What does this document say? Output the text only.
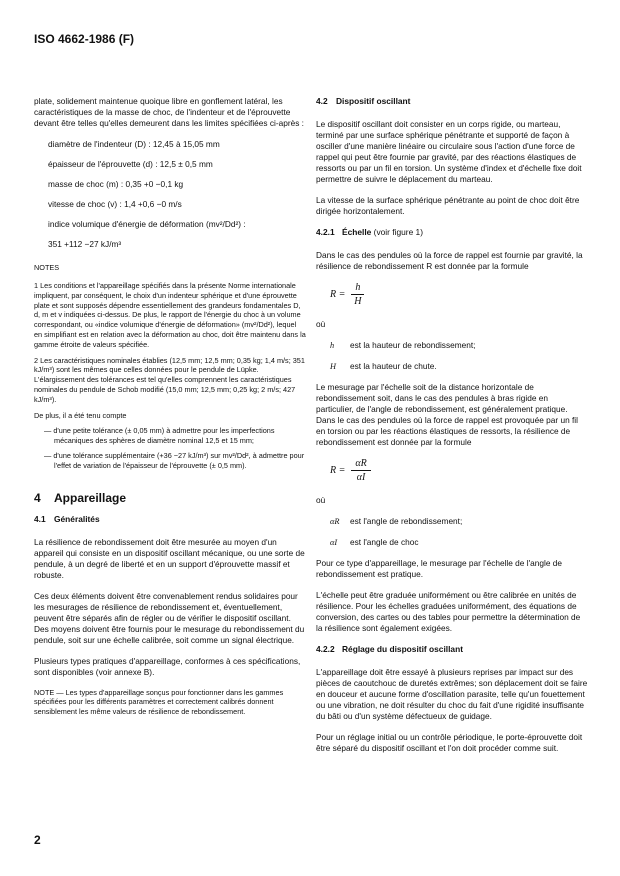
ISO 4662-1986 (F)

plate, solidement maintenue quoique libre en gonflement latéral, les caractéristiques de la masse de choc, de l'indenteur et de l'éprouvette devant être telles qu'elles demeurent dans les limites spécifiées ci-après :

diamètre de l'indenteur (D) : 12,45 à 15,05 mm

épaisseur de l'éprouvette (d) : 12,5 ± 0,5 mm

masse de choc (m) : 0,35 +0 −0,1 kg

vitesse de choc (v) : 1,4 +0,6 −0 m/s

indice volumique d'énergie de déformation (mv²/Dd²) :

351 +112 −27 kJ/m³

NOTES

1 Les conditions et l'appareillage spécifiés dans la présente Norme internationale impliquent, par conséquent, le choix d'un indenteur sphérique et d'une éprouvette plate et sont supposés dépendre essentiellement des grandeurs fondamentales D, d, m et v indiquées ci-dessus. De plus, le rapport de l'énergie du choc à un volume correspondant, ou «indice volumique d'énergie de déformation» (mv²/Dd²), lequel en simplifiant est en relation avec la déformation au choc, doit être maintenu dans la gamme étroite de valeurs spécifiée.

2 Les caractéristiques nominales établies (12,5 mm; 12,5 mm; 0,35 kg; 1,4 m/s; 351 kJ/m³) sont les mêmes que celles données pour le pendule de Lüpke. L'élargissement des tolérances est tel qu'elles comprennent les caractéristiques nominales du pendule de Schob modifié (15,0 mm; 12,5 mm; 0,25 kg; 2 m/s; 427 kJ/m³).

De plus, il a été tenu compte

— d'une petite tolérance (± 0,05 mm) à admettre pour les imperfections mécaniques des sphères de diamètre nominal 12,5 et 15 mm;

— d'une tolérance supplémentaire (+36 −27 kJ/m³) sur mv²/Dd², à admettre pour l'effet de variation de l'épaisseur de l'éprouvette (± 0,5 mm).

4 Appareillage
4.1 Généralités

La résilience de rebondissement doit être mesurée au moyen d'un appareil qui consiste en un dispositif oscillant mécanique, ou une sorte de pendule, à un degré de liberté et en un support d'éprouvette massif et robuste.

Ces deux éléments doivent être convenablement rendus solidaires pour les mesurages de résilience de rebondissement et, éventuellement, peuvent être séparés afin de régler ou de vérifier le dispositif oscillant. Des moyens doivent être fournis pour le mesurage du rebondissement du pendule, soit sur une échelle calibrée, soit comme un signal électrique.

Plusieurs types pratiques d'appareillage, conformes à ces spécifications, sont disponibles (voir annexe B).

NOTE — Les types d'appareillage sonçus pour fonctionner dans les gammes spécifiées pour les différents paramètres et correctement calibrés donnent sensiblement les même valeurs de résilience de rebondissement.
4.2 Dispositif oscillant

Le dispositif oscillant doit consister en un corps rigide, ou marteau, terminé par une surface sphérique pénétrante et supporté de façon à osciller d'une manière linéaire ou circulaire sous l'action d'une force de rappel qui peut être fournie par gravité, par des réactions élastiques de ressorts ou par un fil en torsion. Un système d'index et d'échelle fixe doit permettre de suivre le déplacement du marteau.

La vitesse de la surface sphérique pénétrante au point de choc doit être dirigée horizontalement.

4.2.1 Échelle (voir figure 1)

Dans le cas des pendules où la force de rappel est fournie par gravité, la résilience de rebondissement R est donnée par la formule

$R = \frac{h}{H}$

où

h est la hauteur de rebondissement;

H est la hauteur de chute.

Le mesurage par l'échelle soit de la distance horizontale de rebondissement soit, dans le cas des pendules à bras rigide en particulier, de l'angle de rebondissement, est généralement pratique. Dans le cas des pendules où la force de rappel est provoquée par un fil en torsion ou par les réactions élastiques de ressorts, la résilience de rebondissement est donnée par la formule

$R = \frac{\alpha R}{\alpha I}$

où

αR est l'angle de rebondissement;

αI est l'angle de choc

Pour ce type d'appareillage, le mesurage par l'échelle de l'angle de rebondissement est pratique.

L'échelle peut être graduée uniformément ou être calibrée en unités de résilience. Pour les échelles graduées uniformément, des équations de conversion, des cartes ou des tables pour permettre la détermination de la résilience sont également exigées.

4.2.2 Réglage du dispositif oscillant

L'appareillage doit être essayé à plusieurs reprises par impact sur des pièces de caoutchouc de duretés extrêmes; son déplacement doit se faire en douceur et aucune forme d'oscillation parasite, telle qu'un fouettement ou une vibration, ne doit résulter du choc du fait d'une rigidité insuffisante du bâti ou d'un système défectueux de guidage.

Pour un réglage initial ou un contrôle périodique, le porte-éprouvette doit être séparé du dispositif oscillant et l'on doit procéder comme suit.

2
